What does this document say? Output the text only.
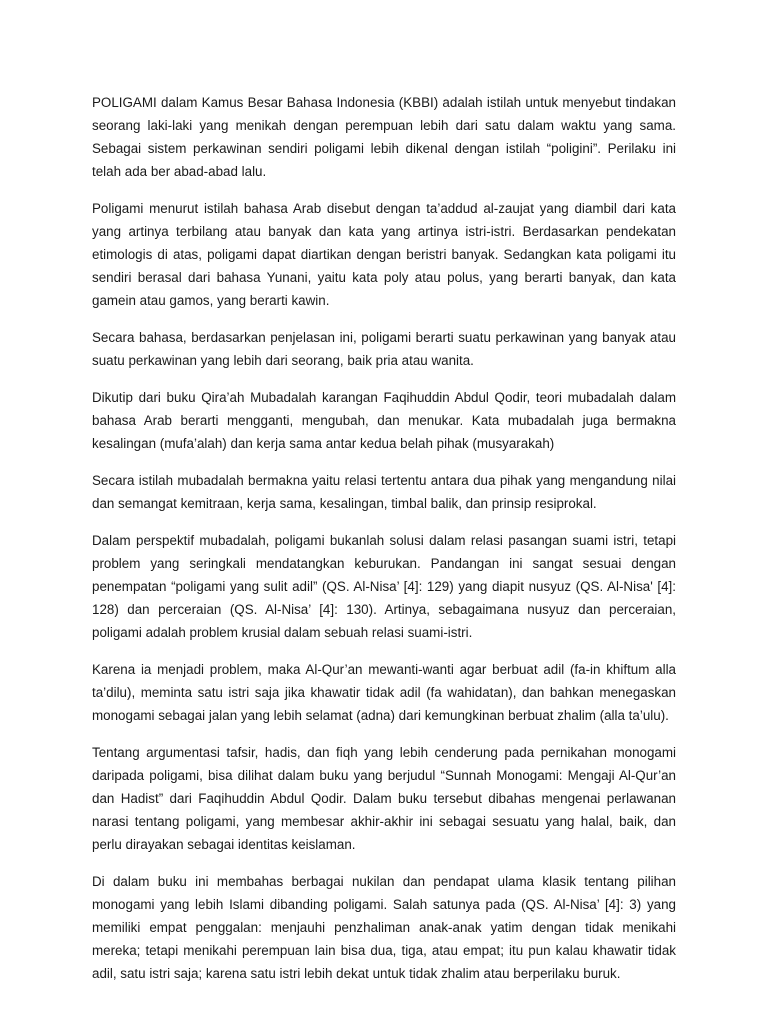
POLIGAMI dalam Kamus Besar Bahasa Indonesia (KBBI) adalah istilah untuk menyebut tindakan seorang laki-laki yang menikah dengan perempuan lebih dari satu dalam waktu yang sama. Sebagai sistem perkawinan sendiri poligami lebih dikenal dengan istilah “poligini”. Perilaku ini telah ada ber abad-abad lalu.

Poligami menurut istilah bahasa Arab disebut dengan ta’addud al-zaujat yang diambil dari kata yang artinya terbilang atau banyak dan kata yang artinya istri-istri. Berdasarkan pendekatan etimologis di atas, poligami dapat diartikan dengan beristri banyak. Sedangkan kata poligami itu sendiri berasal dari bahasa Yunani, yaitu kata poly atau polus, yang berarti banyak, dan kata gamein atau gamos, yang berarti kawin.

Secara bahasa, berdasarkan penjelasan ini, poligami berarti suatu perkawinan yang banyak atau suatu perkawinan yang lebih dari seorang, baik pria atau wanita.

Dikutip dari buku Qira’ah Mubadalah karangan Faqihuddin Abdul Qodir, teori mubadalah dalam bahasa Arab berarti mengganti, mengubah, dan menukar. Kata mubadalah juga bermakna kesalingan (mufa’alah) dan kerja sama antar kedua belah pihak (musyarakah)

Secara istilah mubadalah bermakna yaitu relasi tertentu antara dua pihak yang mengandung nilai dan semangat kemitraan, kerja sama, kesalingan, timbal balik, dan prinsip resiprokal.

Dalam perspektif mubadalah, poligami bukanlah solusi dalam relasi pasangan suami istri, tetapi problem yang seringkali mendatangkan keburukan. Pandangan ini sangat sesuai dengan penempatan “poligami yang sulit adil” (QS. Al-Nisa’ [4]: 129) yang diapit nusyuz (QS. Al-Nisa' [4]: 128) dan perceraian (QS. Al-Nisa’ [4]: 130). Artinya, sebagaimana nusyuz dan perceraian, poligami adalah problem krusial dalam sebuah relasi suami-istri.

Karena ia menjadi problem, maka Al-Qur’an mewanti-wanti agar berbuat adil (fa-in khiftum alla ta’dilu), meminta satu istri saja jika khawatir tidak adil (fa wahidatan), dan bahkan menegaskan monogami sebagai jalan yang lebih selamat (adna) dari kemungkinan berbuat zhalim (alla ta’ulu).

Tentang argumentasi tafsir, hadis, dan fiqh yang lebih cenderung pada pernikahan monogami daripada poligami, bisa dilihat dalam buku yang berjudul “Sunnah Monogami: Mengaji Al-Qur’an dan Hadist” dari Faqihuddin Abdul Qodir. Dalam buku tersebut dibahas mengenai perlawanan narasi tentang poligami, yang membesar akhir-akhir ini sebagai sesuatu yang halal, baik, dan perlu dirayakan sebagai identitas keislaman.

Di dalam buku ini membahas berbagai nukilan dan pendapat ulama klasik tentang pilihan monogami yang lebih Islami dibanding poligami. Salah satunya pada (QS. Al-Nisa’ [4]: 3) yang memiliki empat penggalan: menjauhi penzhaliman anak-anak yatim dengan tidak menikahi mereka; tetapi menikahi perempuan lain bisa dua, tiga, atau empat; itu pun kalau khawatir tidak adil, satu istri saja; karena satu istri lebih dekat untuk tidak zhalim atau berperilaku buruk.
